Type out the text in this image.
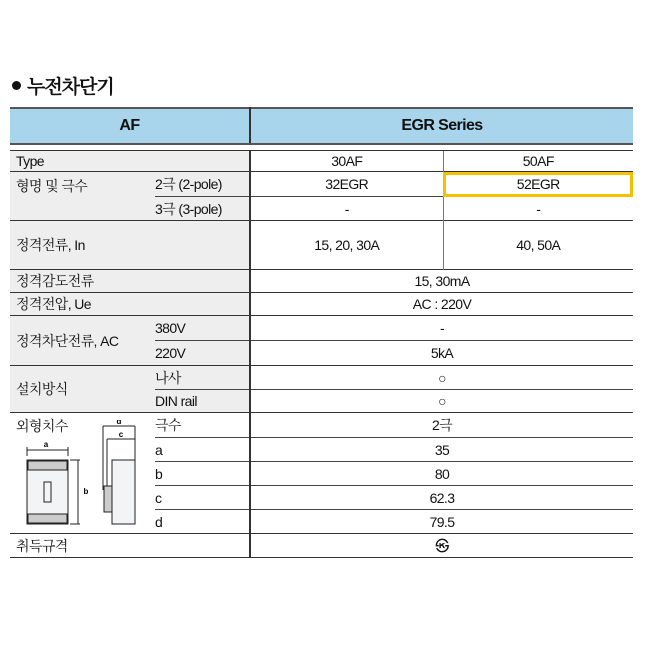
누전차단기
AF		EGR Series	

Type		30AF	50AF
형명 및 극수	2극 (2-pole)	32EGR	52EGR
	3극 (3-pole)	-	-
정격전류, In		15, 20, 30A	40, 50A
정격감도전류		15, 30mA	
정격전압, Ue		AC : 220V	
정격차단전류, AC	380V	-	
	220V	5kA	
설치방식	나사	○	
	DIN rail	○	
외형치수	극수	2극	
	a	35	
	b	80	
	c	62.3	
	d	79.5	
취득규격		㉿	
a
b
d
c
